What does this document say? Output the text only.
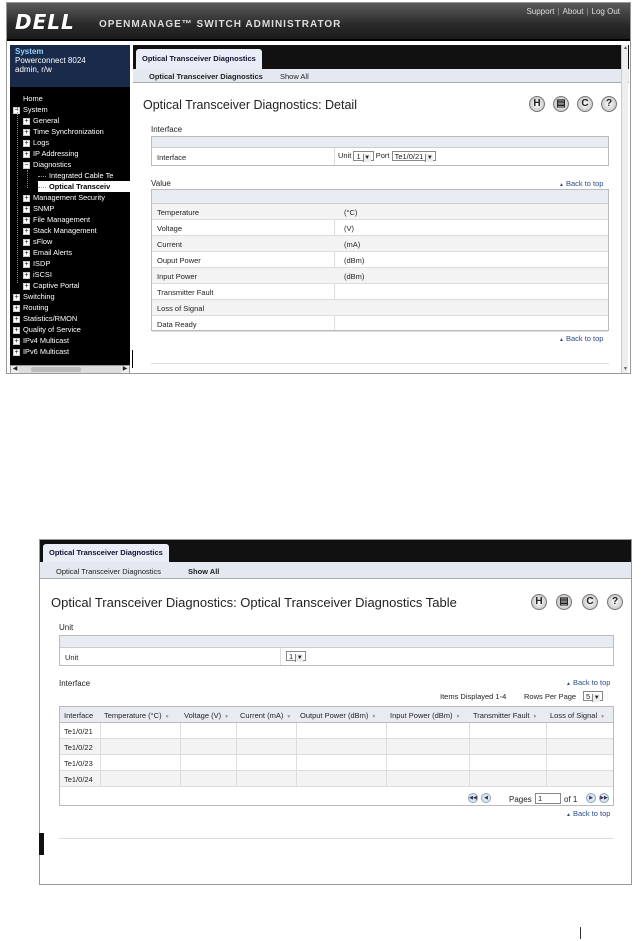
DELL OPENMANAGE™ SWITCH ADMINISTRATOR
Support | About | Log Out
System
Powerconnect 8024
admin, r/w
Home
− System
+ General
+ Time Synchronization
+ Logs
+ IP Addressing
− Diagnostics
Integrated Cable Te
Optical Transceiv
+ Management Security
+ SNMP
+ File Management
+ Stack Management
+ sFlow
+ Email Alerts
+ ISDP
+ iSCSI
+ Captive Portal
+ Switching
+ Routing
+ Statistics/RMON
+ Quality of Service
+ IPv4 Multicast
+ IPv6 Multicast
◀	▶
Optical Transceiver Diagnostics
Optical Transceiver Diagnostics Show All
Optical Transceiver Diagnostics: Detail	H	▤	C	?
Interface
Interface	Unit 1 ▼ Port Te1/0/21 ▼
Value	▲ Back to top
Temperature	(°C)
Voltage	(V)
Current	(mA)
Ouput Power	(dBm)
Input Power	(dBm)
Transmitter Fault
Loss of Signal
Data Ready
▲ Back to top
▲
▼
Optical Transceiver Diagnostics
Optical Transceiver Diagnostics	Show All
Optical Transceiver Diagnostics: Optical Transceiver Diagnostics Table	H	▤	C	?
Unit
Unit	1 ▼
Interface	▲ Back to top
Items Displayed 1-4 Rows Per Page	5 ▼
Interface Temperature (°C) ▼ Voltage (V) ▼ Current (mA) ▼ Output Power (dBm) ▼ Input Power (dBm) ▼ Transmitter Fault ▼ Loss of Signal ▼
Te1/0/21
Te1/0/22
Te1/0/23
Te1/0/24
◀◀	◀	Pages 1	of 1	▶	▶▶
▲ Back to top
